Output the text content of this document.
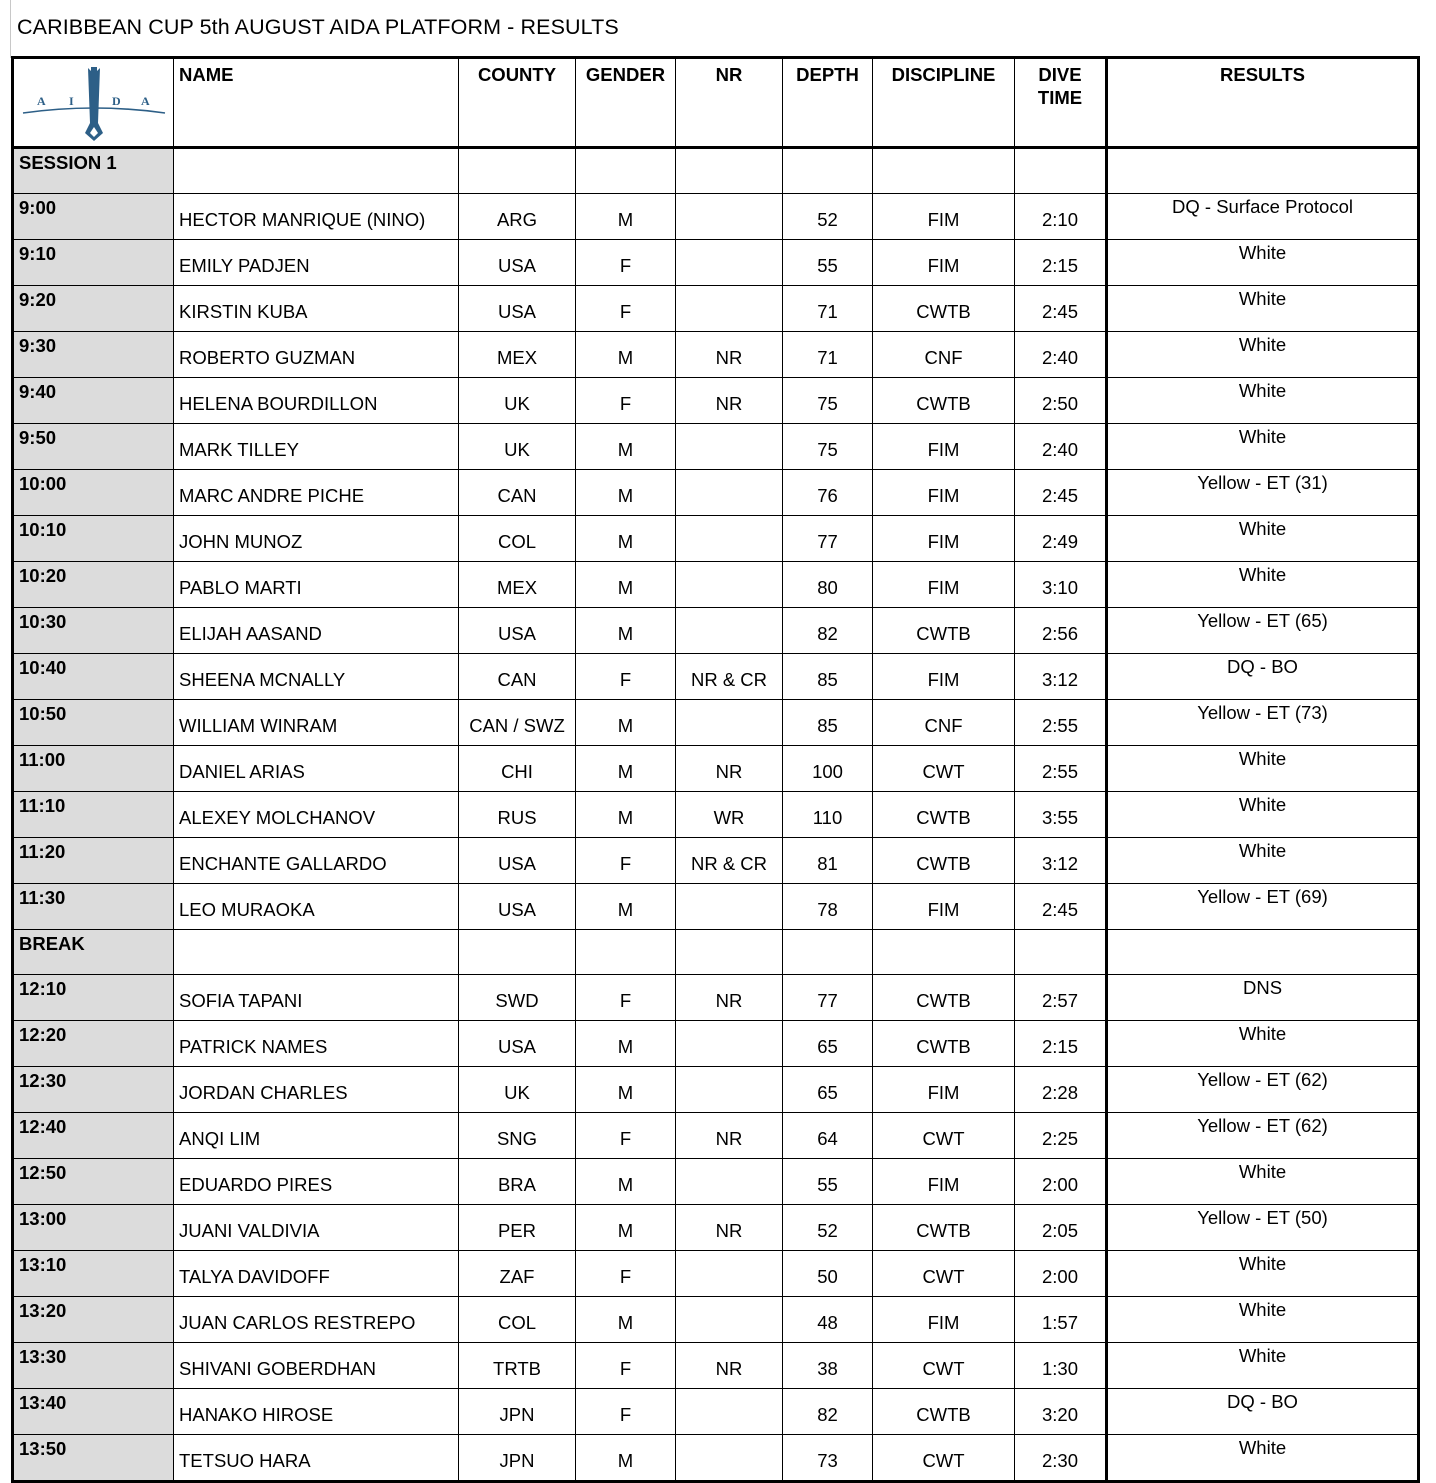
CARIBBEAN CUP 5th AUGUST AIDA PLATFORM - RESULTS
A I D A	NAME	COUNTY	GENDER	NR	DEPTH	DISCIPLINE	DIVE
TIME	RESULTS
SESSION 1								
9:00	HECTOR MANRIQUE (NINO)	ARG	M		52	FIM	2:10	DQ - Surface Protocol
9:10	EMILY PADJEN	USA	F		55	FIM	2:15	White
9:20	KIRSTIN KUBA	USA	F		71	CWTB	2:45	White
9:30	ROBERTO GUZMAN	MEX	M	NR	71	CNF	2:40	White
9:40	HELENA BOURDILLON	UK	F	NR	75	CWTB	2:50	White
9:50	MARK TILLEY	UK	M		75	FIM	2:40	White
10:00	MARC ANDRE PICHE	CAN	M		76	FIM	2:45	Yellow - ET (31)
10:10	JOHN MUNOZ	COL	M		77	FIM	2:49	White
10:20	PABLO MARTI	MEX	M		80	FIM	3:10	White
10:30	ELIJAH AASAND	USA	M		82	CWTB	2:56	Yellow - ET (65)
10:40	SHEENA MCNALLY	CAN	F	NR & CR	85	FIM	3:12	DQ - BO
10:50	WILLIAM WINRAM	CAN / SWZ	M		85	CNF	2:55	Yellow - ET (73)
11:00	DANIEL ARIAS	CHI	M	NR	100	CWT	2:55	White
11:10	ALEXEY MOLCHANOV	RUS	M	WR	110	CWTB	3:55	White
11:20	ENCHANTE GALLARDO	USA	F	NR & CR	81	CWTB	3:12	White
11:30	LEO MURAOKA	USA	M		78	FIM	2:45	Yellow - ET (69)
BREAK								
12:10	SOFIA TAPANI	SWD	F	NR	77	CWTB	2:57	DNS
12:20	PATRICK NAMES	USA	M		65	CWTB	2:15	White
12:30	JORDAN CHARLES	UK	M		65	FIM	2:28	Yellow - ET (62)
12:40	ANQI LIM	SNG	F	NR	64	CWT	2:25	Yellow - ET (62)
12:50	EDUARDO PIRES	BRA	M		55	FIM	2:00	White
13:00	JUANI VALDIVIA	PER	M	NR	52	CWTB	2:05	Yellow - ET (50)
13:10	TALYA DAVIDOFF	ZAF	F		50	CWT	2:00	White
13:20	JUAN CARLOS RESTREPO	COL	M		48	FIM	1:57	White
13:30	SHIVANI GOBERDHAN	TRTB	F	NR	38	CWT	1:30	White
13:40	HANAKO HIROSE	JPN	F		82	CWTB	3:20	DQ - BO
13:50	TETSUO HARA	JPN	M		73	CWT	2:30	White
